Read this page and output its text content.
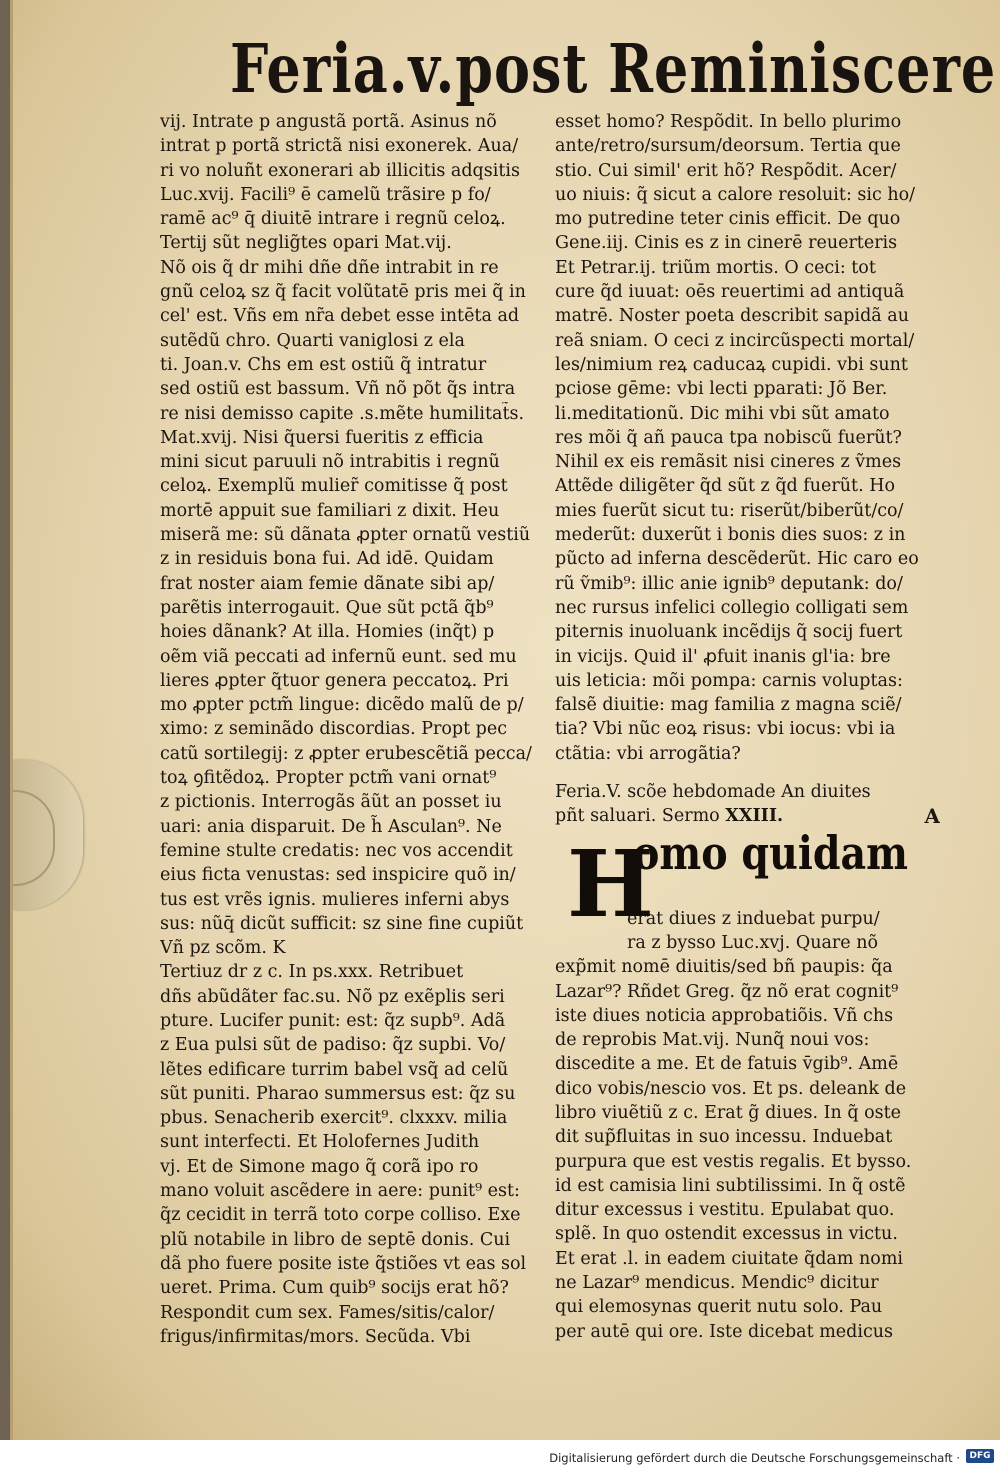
Feria.v.post Reminiscere
vij. Intrate p angustã portã. Asinus nõ
intrat p portã strictã nisi exonerek. Aua/
ri vo noluñt exonerari ab illicitis adqsitis
Luc.xvij. Facili⁹ ē camelũ trãsire p fo/
ramē ac⁹ q̄ diuitē intrare i regnũ celoꝝ.
Tertij sũt neglig̃tes opari Mat.vij.
Nõ ois q̃ dr mihi dñe dñe intrabit in re
gnũ celoꝝ sz q̃ facit volũtatē pris mei q̃ in
cel' est. Vñs em nr̃a debet esse intēta ad
sutẽdũ chro. Quarti vaniglosi z ela
ti. Joan.v. Chs em est ostiũ q̃ intratur
sed ostiũ est bassum. Vñ nõ põt q̃s intra
re nisi demisso capite .s.mẽte humilitat̃s.
Mat.xvij. Nisi q̃uersi fueritis z efficia
mini sicut paruuli nõ intrabitis i regnũ
celoꝝ. Exemplũ mulier̃ comitisse q̃ post
mortē appuit sue familiari z dixit. Heu
miserã me: sũ dãnata ꝓpter ornatũ vestiũ
z in residuis bona fui. Ad idē. Quidam
frat noster aiam femie dãnate sibi ap/
parẽtis interrogauit. Que sũt pctã q̃b⁹
hoies dãnank? At illa. Homies (inq̃t) p
oẽm viã peccati ad infernũ eunt. sed mu
lieres ꝓpter q̃tuor genera peccatoꝝ. Pri
mo ꝓpter pctm̃ lingue: dicẽdo malũ de p/
ximo: z seminãdo discordias. Propt pec
catũ sortilegij: z ꝓpter erubescẽtiã pecca/
toꝝ ꝯfitẽdoꝝ. Propter pctm̃ vani ornat⁹
z pictionis. Interrogãs ãũt an posset iu
uari: ania disparuit. De h̃ Asculan⁹. Ne
femine stulte credatis: nec vos accendit
eius ficta venustas: sed inspicire quõ in/
tus est vrẽs ignis. mulieres inferni abys
sus: nũq̄ dicũt sufficit: sz sine fine cupiũt
Vñ pz scõm. K
Tertiuz dr z c. In ps.xxx. Retribuet
dñs abũdãter fac.su. Nõ pz exẽplis seri
pture. Lucifer punit: est: q̃z supb⁹. Adã
z Eua pulsi sũt de padiso: q̃z supbi. Vo/
lẽtes edificare turrim babel vsq̃ ad celũ
sũt puniti. Pharao summersus est: q̃z su
pbus. Senacherib exercit⁹. clxxxv. milia
sunt interfecti. Et Holofernes Judith
vj. Et de Simone mago q̃ corã ipo ro
mano voluit ascẽdere in aere: punit⁹ est:
q̃z cecidit in terrã toto corpe colliso. Exe
plũ notabile in libro de septē donis. Cui
dã pho fuere posite iste q̃stiões vt eas sol
ueret. Prima. Cum quib⁹ socijs erat hõ?
Respondit cum sex. Fames/sitis/calor/
frigus/infirmitas/mors. Secũda. Vbi
esset homo? Respõdit. In bello plurimo
ante/retro/sursum/deorsum. Tertia que
stio. Cui simil' erit hõ? Respõdit. Acer/
uo niuis: q̃ sicut a calore resoluit: sic ho/
mo putredine teter cinis efficit. De quo
Gene.iij. Cinis es z in cinerē reuerteris
Et Petrar.ij. triũm mortis. O ceci: tot
cure q̃d iuuat: oēs reuertimi ad antiquã
matrē. Noster poeta describit sapidã au
reã sniam. O ceci z incircũspecti mortal/
les/nimium reꝝ caducaꝝ cupidi. vbi sunt
pciose gēme: vbi lecti pparati: Jõ Ber.
li.meditationũ. Dic mihi vbi sũt amato
res mõi q̃ añ pauca tpa nobiscũ fuerũt?
Nihil ex eis remãsit nisi cineres z ṽmes
Attẽde diligẽter q̃d sũt z q̃d fuerũt. Ho
mies fuerũt sicut tu: riserũt/biberũt/co/
mederũt: duxerũt i bonis dies suos: z in
pũcto ad inferna descẽderũt. Hic caro eo
rũ ṽmib⁹: illic anie ignib⁹ deputank: do/
nec rursus infelici collegio colligati sem
piternis inuoluank incẽdijs q̃ socij fuert
in vicijs. Quid il' ꝓfuit inanis gl'ia: bre
uis leticia: mõi pompa: carnis voluptas:
falsẽ diuitie: mag familia z magna sciẽ/
tia? Vbi nũc eoꝝ risus: vbi iocus: vbi ia
ctãtia: vbi arrogãtia?
Feria.V. scõe hebdomade An diuites
pñt saluari. Sermo XXIII.	A
H
omo quidam
erat diues z induebat purpu/
ra z bysso Luc.xvj. Quare nõ
exp̃mit nomē diuitis/sed bñ paupis: q̃a
Lazar⁹? Rñdet Greg. q̃z nõ erat cognit⁹
iste diues noticia approbatiõis. Vñ chs
de reprobis Mat.vij. Nunq̃ noui vos:
discedite a me. Et de fatuis v̄gib⁹. Amē
dico vobis/nescio vos. Et ps. deleank de
libro viuẽtiũ z c. Erat g̃ diues. In q̃ oste
dit sup̃fluitas in suo incessu. Induebat
purpura que est vestis regalis. Et bysso.
id est camisia lini subtilissimi. In q̃ ostẽ
ditur excessus i vestitu. Epulabat quo.
splẽ. In quo ostendit excessus in victu.
Et erat .l. in eadem ciuitate q̃dam nomi
ne Lazar⁹ mendicus. Mendic⁹ dicitur
qui elemosynas querit nutu solo. Pau
per autē qui ore. Iste dicebat medicus
Digitalisierung gefördert durch die Deutsche Forschungsgemeinschaft ·	DFG
